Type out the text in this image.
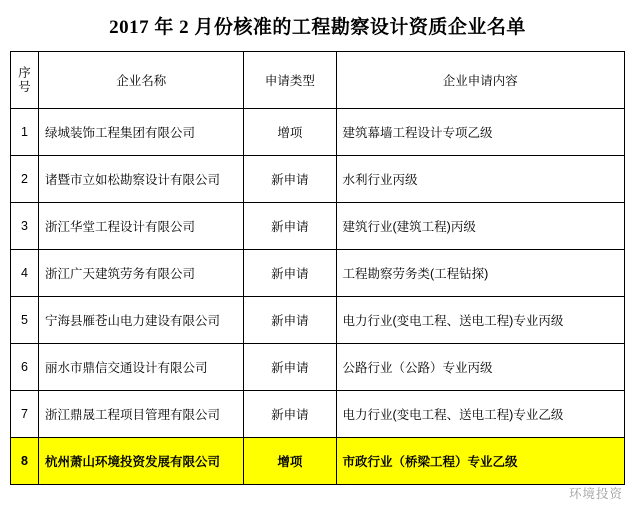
2017 年 2 月份核准的工程勘察设计资质企业名单
序号	企业名称	申请类型	企业申请内容
1	绿城装饰工程集团有限公司	增项	建筑幕墙工程设计专项乙级
2	诸暨市立如松勘察设计有限公司	新申请	水利行业丙级
3	浙江华堂工程设计有限公司	新申请	建筑行业(建筑工程)丙级
4	浙江广天建筑劳务有限公司	新申请	工程勘察劳务类(工程钻探)
5	宁海县雁苍山电力建设有限公司	新申请	电力行业(变电工程、送电工程)专业丙级
6	丽水市鼎信交通设计有限公司	新申请	公路行业（公路）专业丙级
7	浙江鼎晟工程项目管理有限公司	新申请	电力行业(变电工程、送电工程)专业乙级
8	杭州萧山环境投资发展有限公司	增项	市政行业（桥梁工程）专业乙级
环境投资
